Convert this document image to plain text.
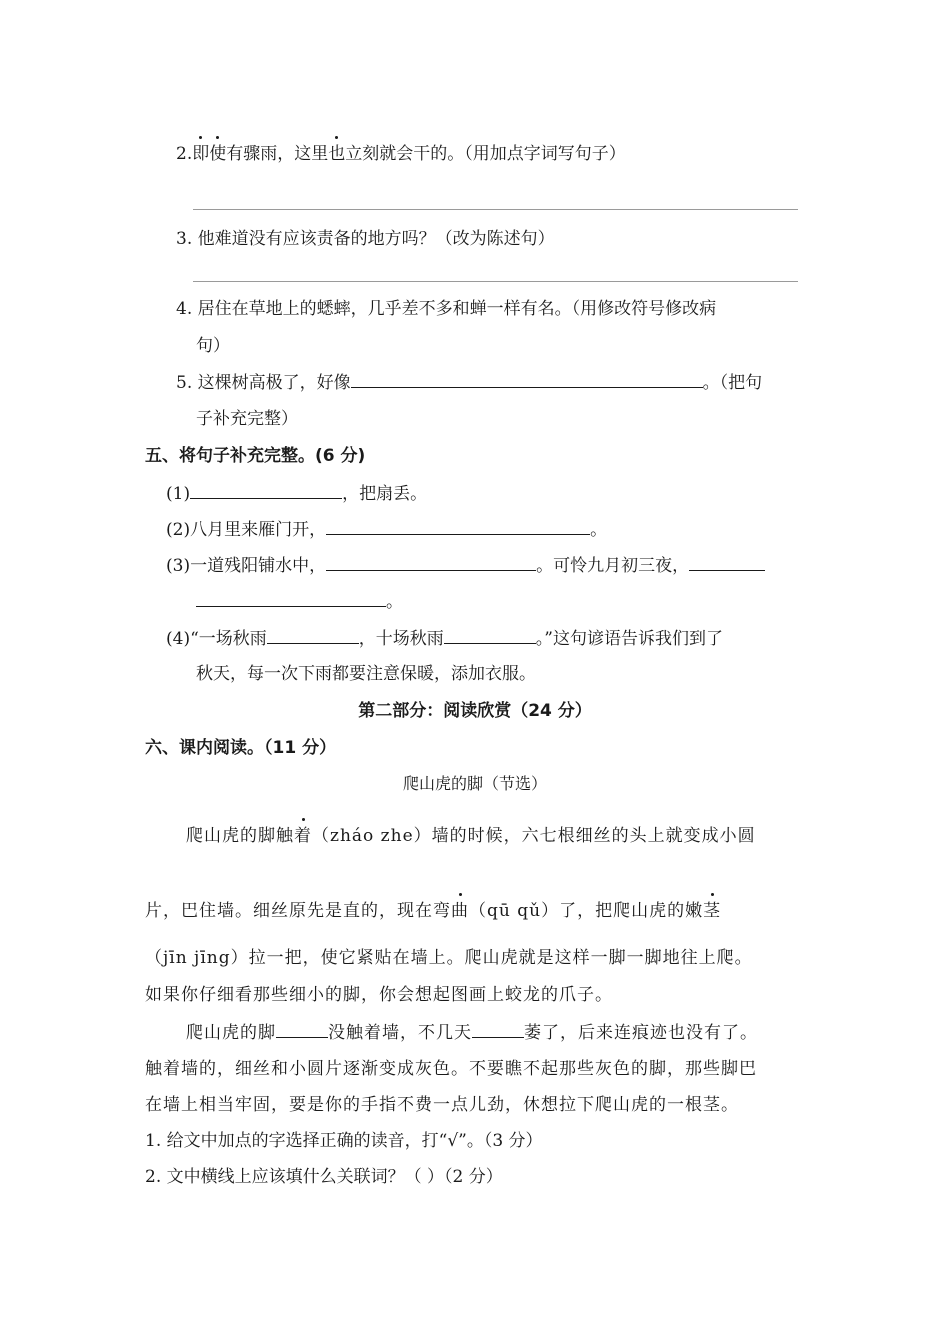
2.即使有骤雨，这里也立刻就会干的。（用加点字词写句子）
3. 他难道没有应该责备的地方吗？（改为陈述句）
4. 居住在草地上的蟋蟀，几乎差不多和蝉一样有名。（用修改符号修改病
句）
5. 这棵树高极了，好像	。（把句
子补充完整）
五、将句子补充完整。(6 分)
(1)	，把扇丢。
(2)八月里来雁门开，	。
(3)一道残阳铺水中，	。可怜九月初三夜，
。
(4)“一场秋雨	，十场秋雨	。”这句谚语告诉我们到了
秋天，每一次下雨都要注意保暖，添加衣服。
第二部分：阅读欣赏（24 分）
六、课内阅读。（11 分）
爬山虎的脚（节选）
爬山虎的脚触着（zháo zhe）墙的时候，六七根细丝的头上就变成小圆
片，巴住墙。细丝原先是直的，现在弯曲（qū qǔ）了，把爬山虎的嫩茎
（jīn jīng）拉一把，使它紧贴在墙上。爬山虎就是这样一脚一脚地往上爬。
如果你仔细看那些细小的脚，你会想起图画上蛟龙的爪子。
爬山虎的脚	没触着墙，不几天	萎了，后来连痕迹也没有了。
触着墙的，细丝和小圆片逐渐变成灰色。不要瞧不起那些灰色的脚，那些脚巴
在墙上相当牢固，要是你的手指不费一点儿劲，休想拉下爬山虎的一根茎。
1. 给文中加点的字选择正确的读音，打“√”。（3 分）
2. 文中横线上应该填什么关联词？（ ）（2 分）
